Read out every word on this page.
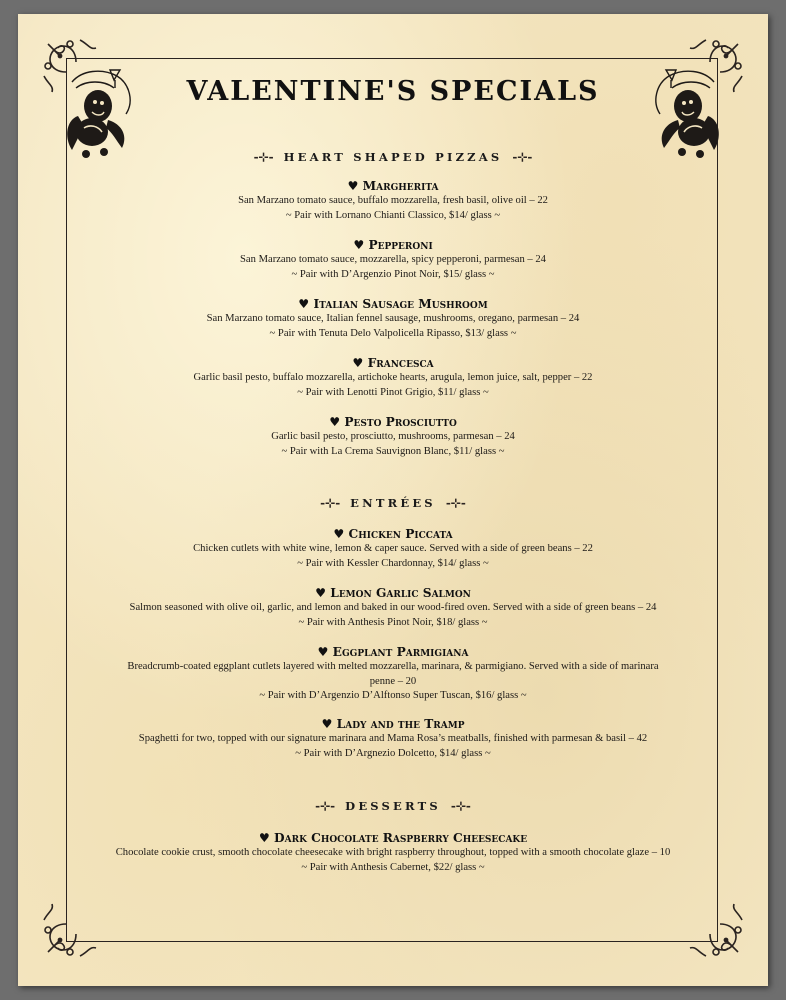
VALENTINE'S SPECIALS
-⊹- HEART SHAPED PIZZAS -⊹-
♥ Margherita
San Marzano tomato sauce, buffalo mozzarella, fresh basil, olive oil – 22
~ Pair with Lornano Chianti Classico, $14/ glass ~
♥ Pepperoni
San Marzano tomato sauce, mozzarella, spicy pepperoni, parmesan – 24
~ Pair with D’Argenzio Pinot Noir, $15/ glass ~
♥ Italian Sausage Mushroom
San Marzano tomato sauce, Italian fennel sausage, mushrooms, oregano, parmesan – 24
~ Pair with Tenuta Delo Valpolicella Ripasso, $13/ glass ~
♥ Francesca
Garlic basil pesto, buffalo mozzarella, artichoke hearts, arugula, lemon juice, salt, pepper – 22
~ Pair with Lenotti Pinot Grigio, $11/ glass ~
♥ Pesto Prosciutto
Garlic basil pesto, prosciutto, mushrooms, parmesan – 24
~ Pair with La Crema Sauvignon Blanc, $11/ glass ~
-⊹- ENTRÉES -⊹-
♥ Chicken Piccata
Chicken cutlets with white wine, lemon & caper sauce. Served with a side of green beans – 22
~ Pair with Kessler Chardonnay, $14/ glass ~
♥ Lemon Garlic Salmon
Salmon seasoned with olive oil, garlic, and lemon and baked in our wood-fired oven. Served with a side of green beans – 24
~ Pair with Anthesis Pinot Noir, $18/ glass ~
♥ Eggplant Parmigiana
Breadcrumb-coated eggplant cutlets layered with melted mozzarella, marinara, & parmigiano. Served with a side of marinara penne – 20
~ Pair with D’Argenzio D’Alftonso Super Tuscan, $16/ glass ~
♥ Lady and the Tramp
Spaghetti for two, topped with our signature marinara and Mama Rosa’s meatballs, finished with parmesan & basil – 42
~ Pair with D’Argnezio Dolcetto, $14/ glass ~
-⊹- DESSERTS -⊹-
♥ Dark Chocolate Raspberry Cheesecake
Chocolate cookie crust, smooth chocolate cheesecake with bright raspberry throughout, topped with a smooth chocolate glaze – 10
~ Pair with Anthesis Cabernet, $22/ glass ~
